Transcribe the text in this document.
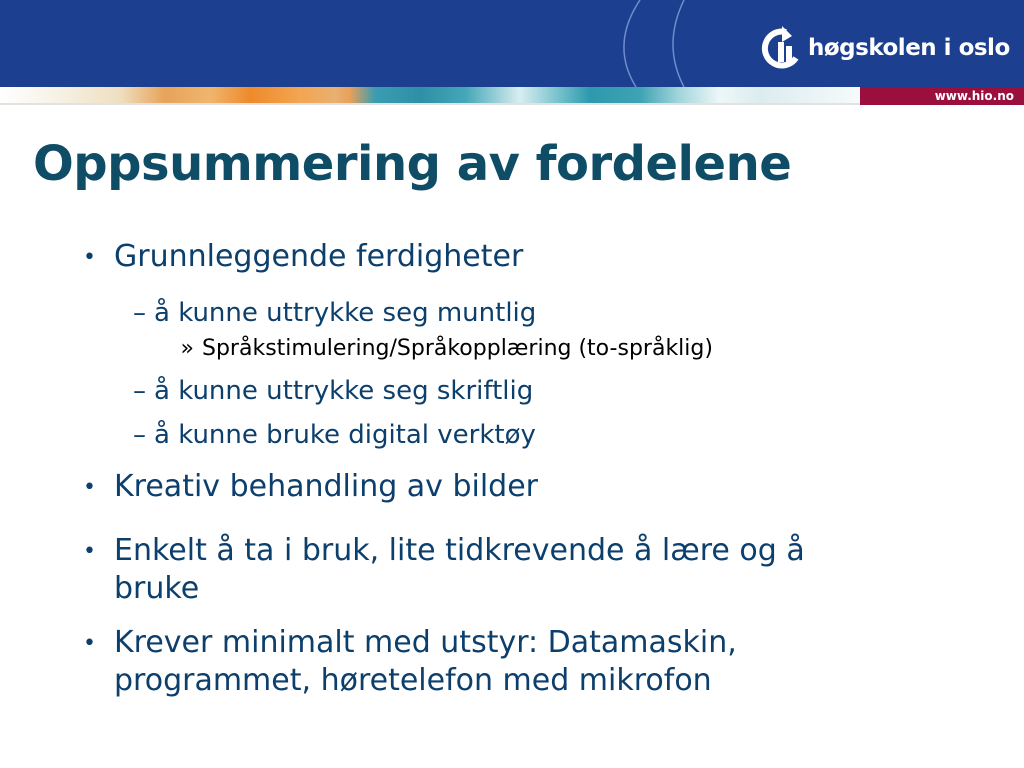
høgskolen i oslo
www.hio.no
Oppsummering av fordelene
• Grunnleggende ferdigheter
– å kunne uttrykke seg muntlig
» Språkstimulering/Språkopplæring (to-språklig)
– å kunne uttrykke seg skriftlig
– å kunne bruke digital verktøy
• Kreativ behandling av bilder
• Enkelt å ta i bruk, lite tidkrevende å lære og å bruke
• Krever minimalt med utstyr: Datamaskin, programmet, høretelefon med mikrofon
